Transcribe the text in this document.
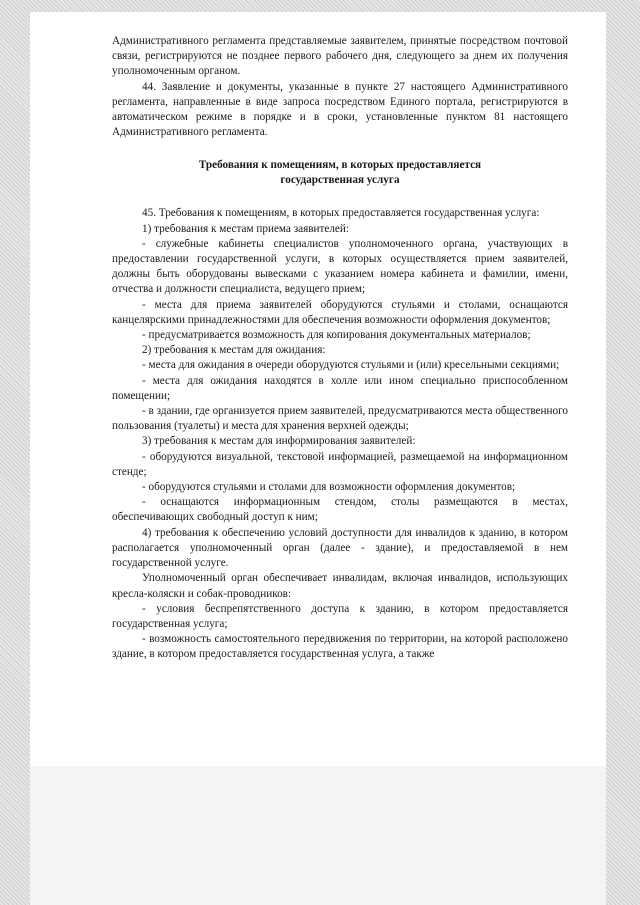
Административного регламента представляемые заявителем, принятые посредством почтовой связи, регистрируются не позднее первого рабочего дня, следующего за днем их получения уполномоченным органом.

44. Заявление и документы, указанные в пункте 27 настоящего Административного регламента, направленные в виде запроса посредством Единого портала, регистрируются в автоматическом режиме в порядке и в сроки, установленные пунктом 81 настоящего Административного регламента.

Требования к помещениям, в которых предоставляется
государственная услуга

45. Требования к помещениям, в которых предоставляется государственная услуга:

1) требования к местам приема заявителей:

- служебные кабинеты специалистов уполномоченного органа, участвующих в предоставлении государственной услуги, в которых осуществляется прием заявителей, должны быть оборудованы вывесками с указанием номера кабинета и фамилии, имени, отчества и должности специалиста, ведущего прием;

- места для приема заявителей оборудуются стульями и столами, оснащаются канцелярскими принадлежностями для обеспечения возможности оформления документов;

- предусматривается возможность для копирования документальных материалов;

2) требования к местам для ожидания:

- места для ожидания в очереди оборудуются стульями и (или) кресельными секциями;

- места для ожидания находятся в холле или ином специально приспособленном помещении;

- в здании, где организуется прием заявителей, предусматриваются места общественного пользования (туалеты) и места для хранения верхней одежды;

3) требования к местам для информирования заявителей:

- оборудуются визуальной, текстовой информацией, размещаемой на информационном стенде;

- оборудуются стульями и столами для возможности оформления документов;

- оснащаются информационным стендом, столы размещаются в местах, обеспечивающих свободный доступ к ним;

4) требования к обеспечению условий доступности для инвалидов к зданию, в котором располагается уполномоченный орган (далее - здание), и предоставляемой в нем государственной услуге.

Уполномоченный орган обеспечивает инвалидам, включая инвалидов, использующих кресла-коляски и собак-проводников:

- условия беспрепятственного доступа к зданию, в котором предоставляется государственная услуга;

- возможность самостоятельного передвижения по территории, на которой расположено здание, в котором предоставляется государственная услуга, а также
